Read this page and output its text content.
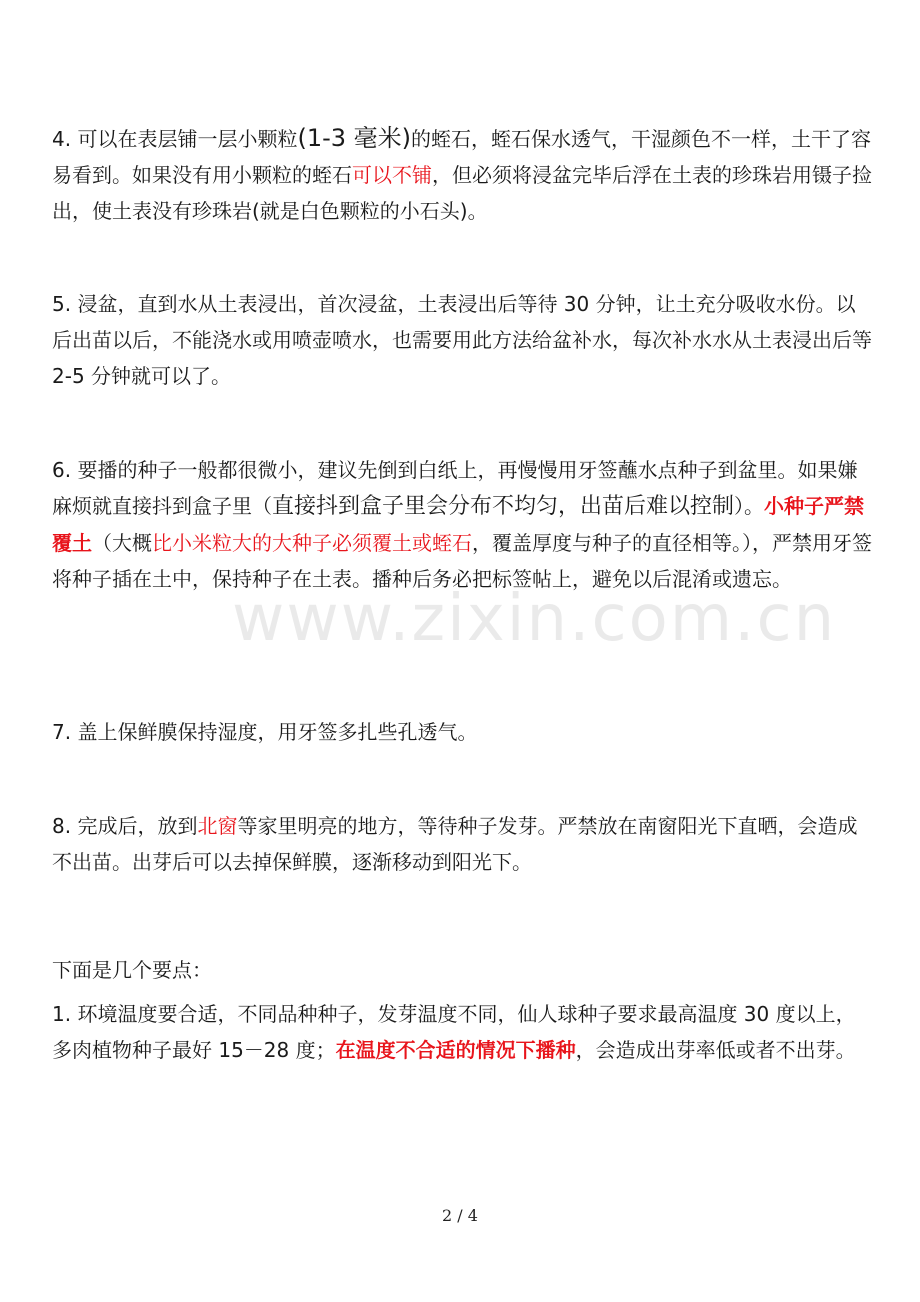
4. 可以在表层铺一层小颗粒(1-3 毫米)的蛭石，蛭石保水透气，干湿颜色不一样，土干了容易看到。如果没有用小颗粒的蛭石可以不铺，但必须将浸盆完毕后浮在土表的珍珠岩用镊子捡出，使土表没有珍珠岩(就是白色颗粒的小石头)。

5. 浸盆，直到水从土表浸出，首次浸盆，土表浸出后等待 30 分钟，让土充分吸收水份。以后出苗以后，不能浇水或用喷壶喷水，也需要用此方法给盆补水，每次补水水从土表浸出后等 2-5 分钟就可以了。

6. 要播的种子一般都很微小，建议先倒到白纸上，再慢慢用牙签蘸水点种子到盆里。如果嫌麻烦就直接抖到盒子里（直接抖到盒子里会分布不均匀，出苗后难以控制）。小种子严禁覆土（大概比小米粒大的大种子必须覆土或蛭石，覆盖厚度与种子的直径相等。），严禁用牙签将种子插在土中，保持种子在土表。播种后务必把标签帖上，避免以后混淆或遗忘。

7. 盖上保鲜膜保持湿度，用牙签多扎些孔透气。

8. 完成后，放到北窗等家里明亮的地方，等待种子发芽。严禁放在南窗阳光下直晒，会造成不出苗。出芽后可以去掉保鲜膜，逐渐移动到阳光下。

下面是几个要点：

1. 环境温度要合适，不同品种种子，发芽温度不同，仙人球种子要求最高温度 30 度以上，多肉植物种子最好 15－28 度；在温度不合适的情况下播种，会造成出芽率低或者不出芽。

www.zixin.com.cn
2 / 4
